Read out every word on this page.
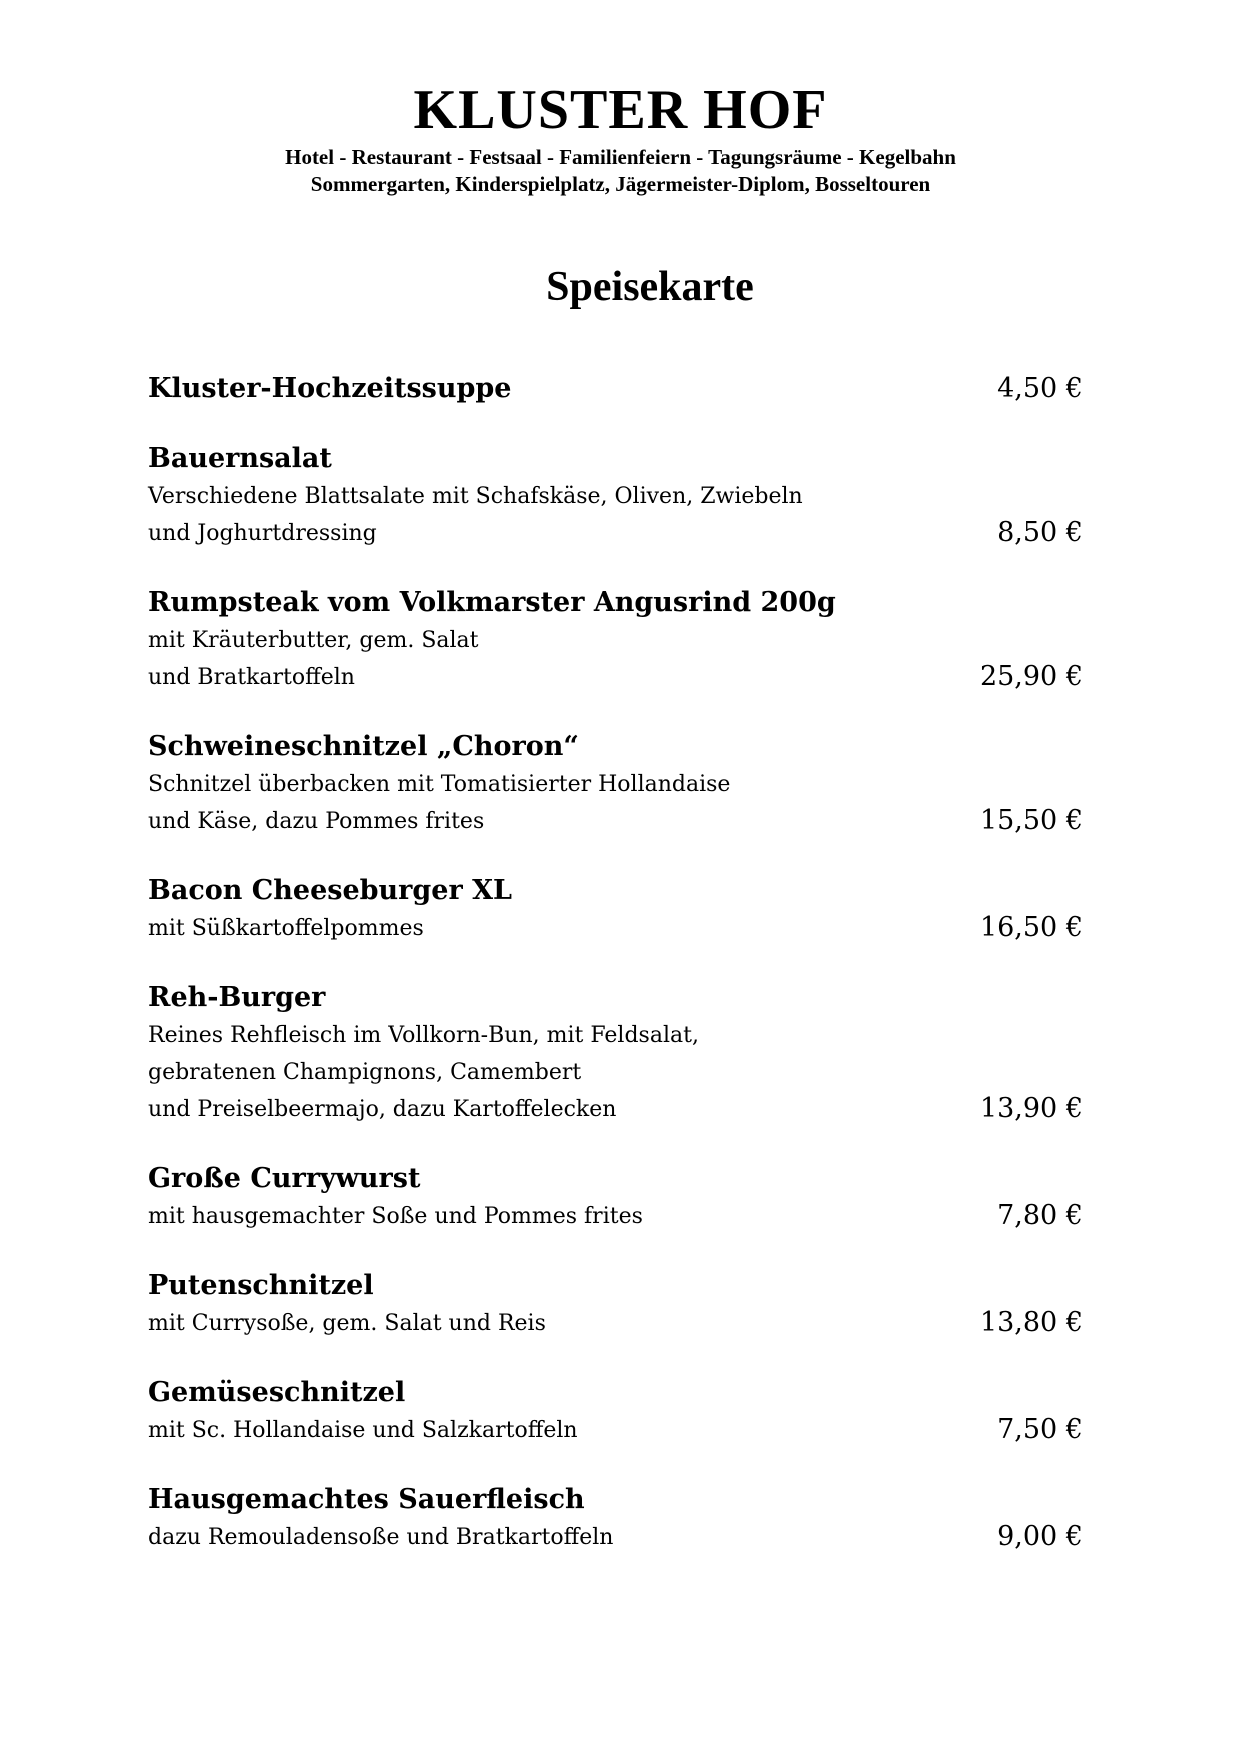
KLUSTER HOF
Hotel - Restaurant - Festsaal - Familienfeiern - Tagungsräume - Kegelbahn
Sommergarten, Kinderspielplatz, Jägermeister-Diplom, Bosseltouren
Speisekarte
Kluster-Hochzeitssuppe	4,50 €
Bauernsalat
Verschiedene Blattsalate mit Schafskäse, Oliven, Zwiebeln
und Joghurtdressing	8,50 €
Rumpsteak vom Volkmarster Angusrind 200g
mit Kräuterbutter, gem. Salat
und Bratkartoffeln	25,90 €
Schweineschnitzel „Choron“
Schnitzel überbacken mit Tomatisierter Hollandaise
und Käse, dazu Pommes frites	15,50 €
Bacon Cheeseburger XL
mit Süßkartoffelpommes	16,50 €
Reh-Burger
Reines Rehfleisch im Vollkorn-Bun, mit Feldsalat,
gebratenen Champignons, Camembert
und Preiselbeermajo, dazu Kartoffelecken	13,90 €
Große Currywurst
mit hausgemachter Soße und Pommes frites	7,80 €
Putenschnitzel
mit Currysoße, gem. Salat und Reis	13,80 €
Gemüseschnitzel
mit Sc. Hollandaise und Salzkartoffeln	7,50 €
Hausgemachtes Sauerfleisch
dazu Remouladensoße und Bratkartoffeln	9,00 €
